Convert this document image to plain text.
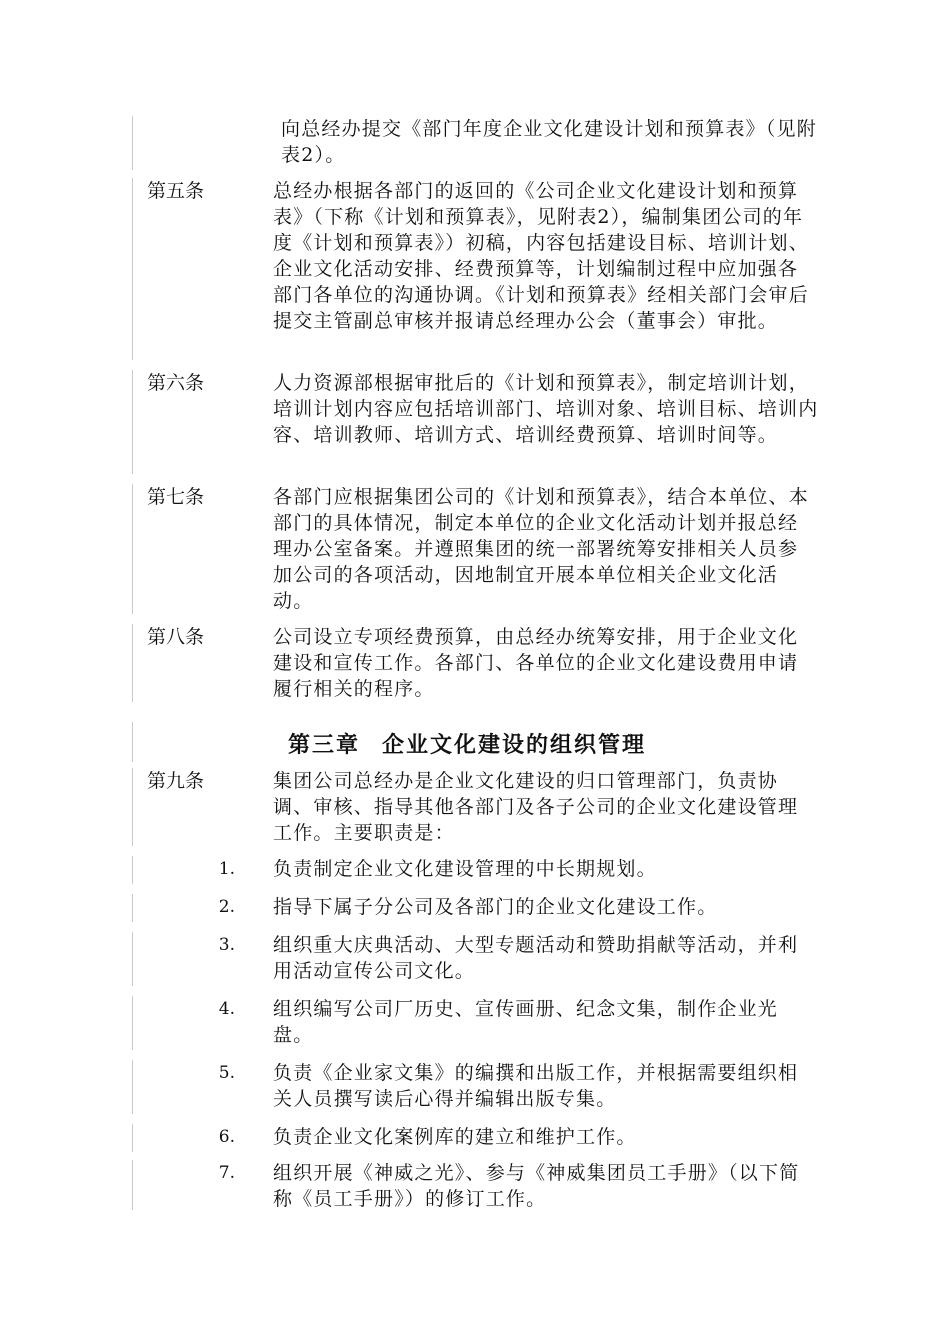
向总经办提交《部门年度企业文化建设计划和预算表》（见附表2）。
第五条	总经办根据各部门的返回的《公司企业文化建设计划和预算表》（下称《计划和预算表》，见附表2），编制集团公司的年度《计划和预算表》）初稿，内容包括建设目标、培训计划、企业文化活动安排、经费预算等，计划编制过程中应加强各部门各单位的沟通协调。《计划和预算表》经相关部门会审后提交主管副总审核并报请总经理办公会（董事会）审批。
第六条	人力资源部根据审批后的《计划和预算表》，制定培训计划，培训计划内容应包括培训部门、培训对象、培训目标、培训内容、培训教师、培训方式、培训经费预算、培训时间等。
第七条	各部门应根据集团公司的《计划和预算表》，结合本单位、本部门的具体情况，制定本单位的企业文化活动计划并报总经理办公室备案。并遵照集团的统一部署统筹安排相关人员参加公司的各项活动，因地制宜开展本单位相关企业文化活动。
第八条	公司设立专项经费预算，由总经办统筹安排，用于企业文化建设和宣传工作。各部门、各单位的企业文化建设费用申请履行相关的程序。
第三章 企业文化建设的组织管理
第九条	集团公司总经办是企业文化建设的归口管理部门，负责协调、审核、指导其他各部门及各子公司的企业文化建设管理工作。主要职责是：
1. 负责制定企业文化建设管理的中长期规划。
2. 指导下属子分公司及各部门的企业文化建设工作。
3. 组织重大庆典活动、大型专题活动和赞助捐献等活动，并利用活动宣传公司文化。
4. 组织编写公司厂历史、宣传画册、纪念文集，制作企业光盘。
5. 负责《企业家文集》的编撰和出版工作，并根据需要组织相关人员撰写读后心得并编辑出版专集。
6. 负责企业文化案例库的建立和维护工作。
7. 组织开展《神威之光》、参与《神威集团员工手册》（以下简称《员工手册》）的修订工作。
